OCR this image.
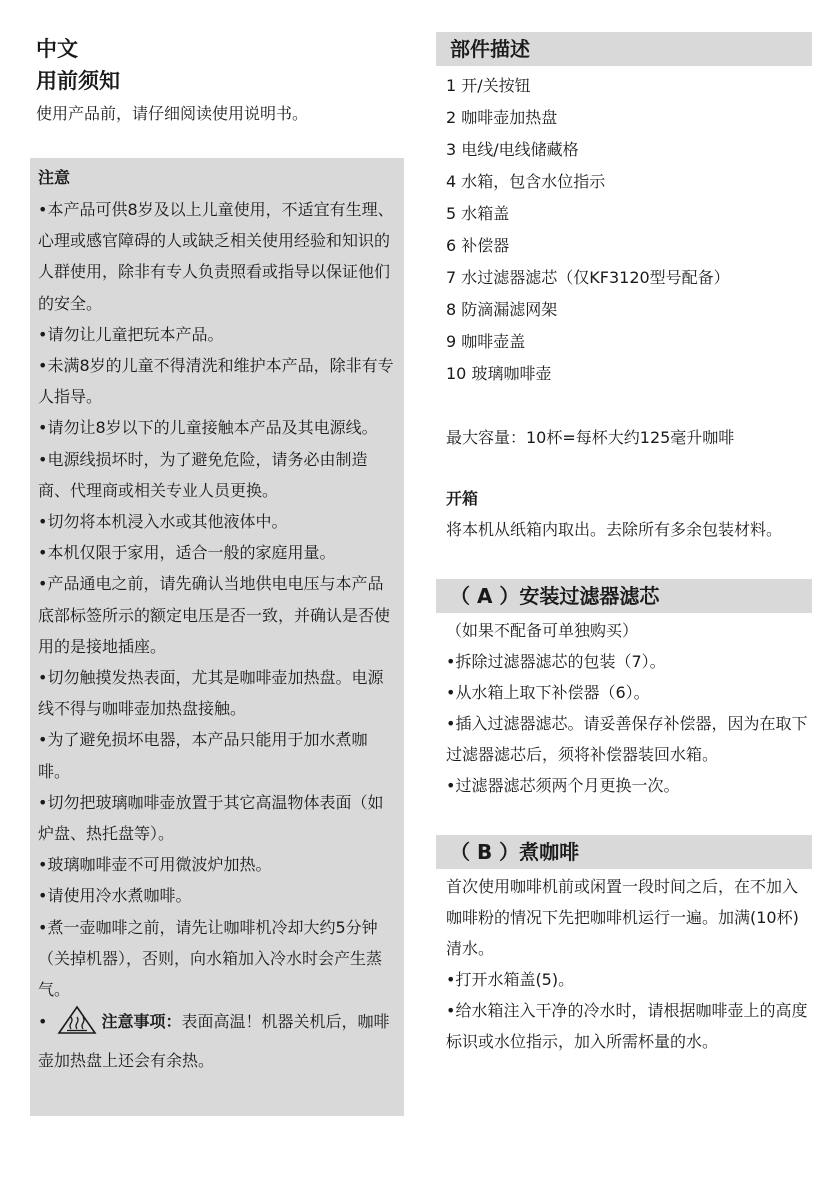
中文

用前须知

使用产品前，请仔细阅读使用说明书。

注意

•本产品可供8岁及以上儿童使用，不适宜有生理、心理或感官障碍的人或缺乏相关使用经验和知识的人群使用，除非有专人负责照看或指导以保证他们的安全。

•请勿让儿童把玩本产品。

•未满8岁的儿童不得清洗和维护本产品，除非有专人指导。

•请勿让8岁以下的儿童接触本产品及其电源线。

•电源线损坏时，为了避免危险，请务必由制造商、代理商或相关专业人员更换。

•切勿将本机浸入水或其他液体中。

•本机仅限于家用，适合一般的家庭用量。

•产品通电之前，请先确认当地供电电压与本产品底部标签所示的额定电压是否一致，并确认是否使用的是接地插座。

•切勿触摸发热表面，尤其是咖啡壶加热盘。电源线不得与咖啡壶加热盘接触。

•为了避免损坏电器，本产品只能用于加水煮咖啡。

•切勿把玻璃咖啡壶放置于其它高温物体表面（如炉盘、热托盘等）。

•玻璃咖啡壶不可用微波炉加热。

•请使用冷水煮咖啡。

•煮一壶咖啡之前，请先让咖啡机冷却大约5分钟（关掉机器），否则，向水箱加入冷水时会产生蒸气。

•	注意事项：表面高温！机器关机后，咖啡壶加热盘上还会有余热。

部件描述

1 开/关按钮

2 咖啡壶加热盘

3 电线/电线储藏格

4 水箱，包含水位指示

5 水箱盖

6 补偿器

7 水过滤器滤芯（仅KF3120型号配备）

8 防滴漏滤网架

9 咖啡壶盖

10 玻璃咖啡壶

最大容量：10杯=每杯大约125毫升咖啡

开箱

将本机从纸箱内取出。去除所有多余包装材料。

（ A ）安装过滤器滤芯

（如果不配备可单独购买）

•拆除过滤器滤芯的包装（7）。

•从水箱上取下补偿器（6）。

•插入过滤器滤芯。请妥善保存补偿器，因为在取下过滤器滤芯后，须将补偿器装回水箱。

•过滤器滤芯须两个月更换一次。

（ B ）煮咖啡

首次使用咖啡机前或闲置一段时间之后，在不加入咖啡粉的情况下先把咖啡机运行一遍。加满(10杯)清水。

•打开水箱盖(5)。

•给水箱注入干净的冷水时，请根据咖啡壶上的高度标识或水位指示，加入所需杯量的水。
